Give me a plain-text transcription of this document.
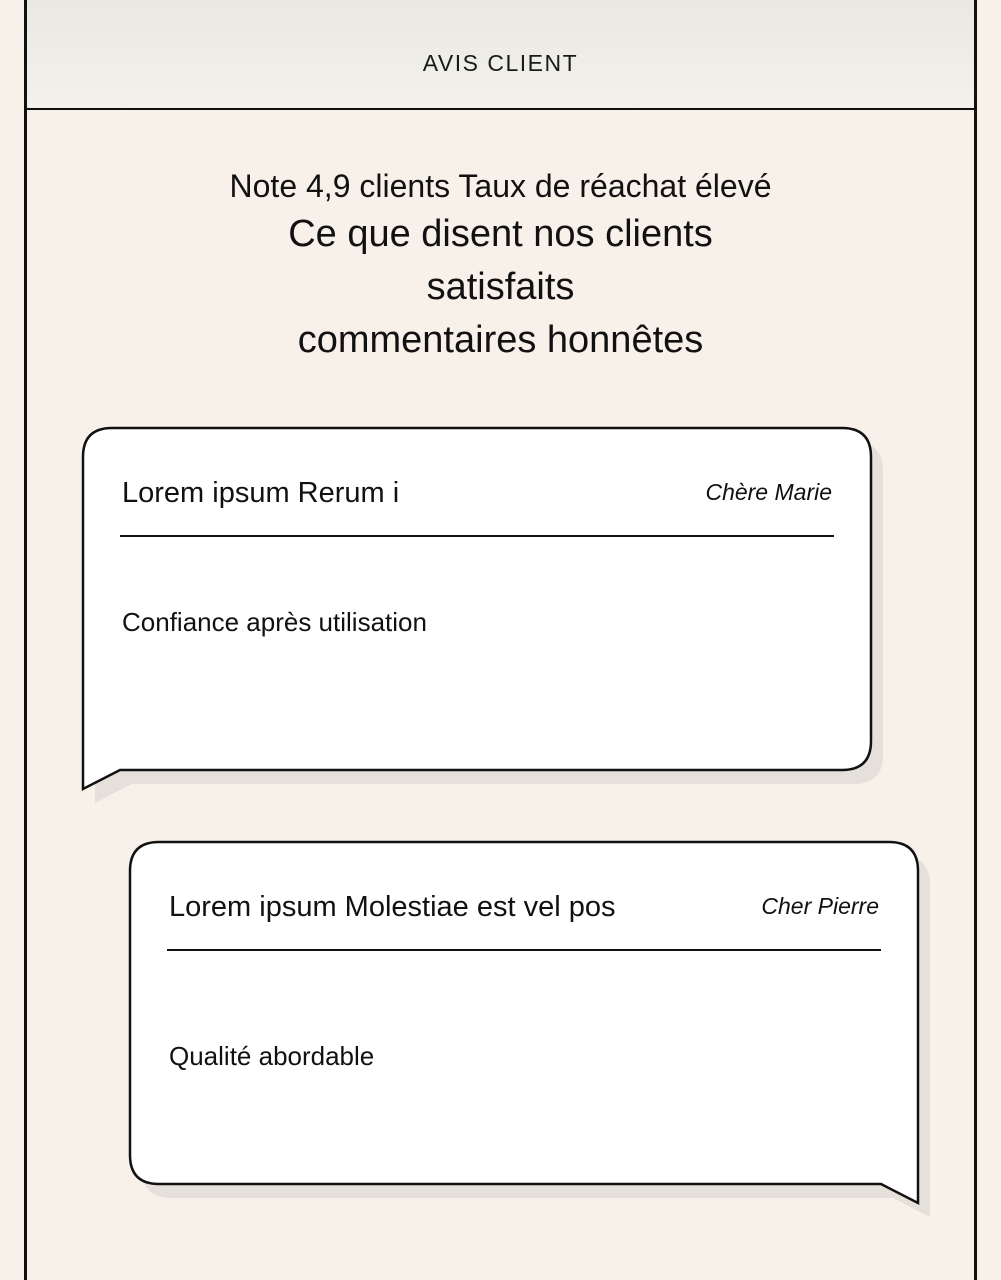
AVIS CLIENT
Note 4,9 clients Taux de réachat élevé
Ce que disent nos clients
satisfaits
commentaires honnêtes
Lorem ipsum Rerum i	Chère Marie
Confiance après utilisation
Lorem ipsum Molestiae est vel pos	Cher Pierre
Qualité abordable
